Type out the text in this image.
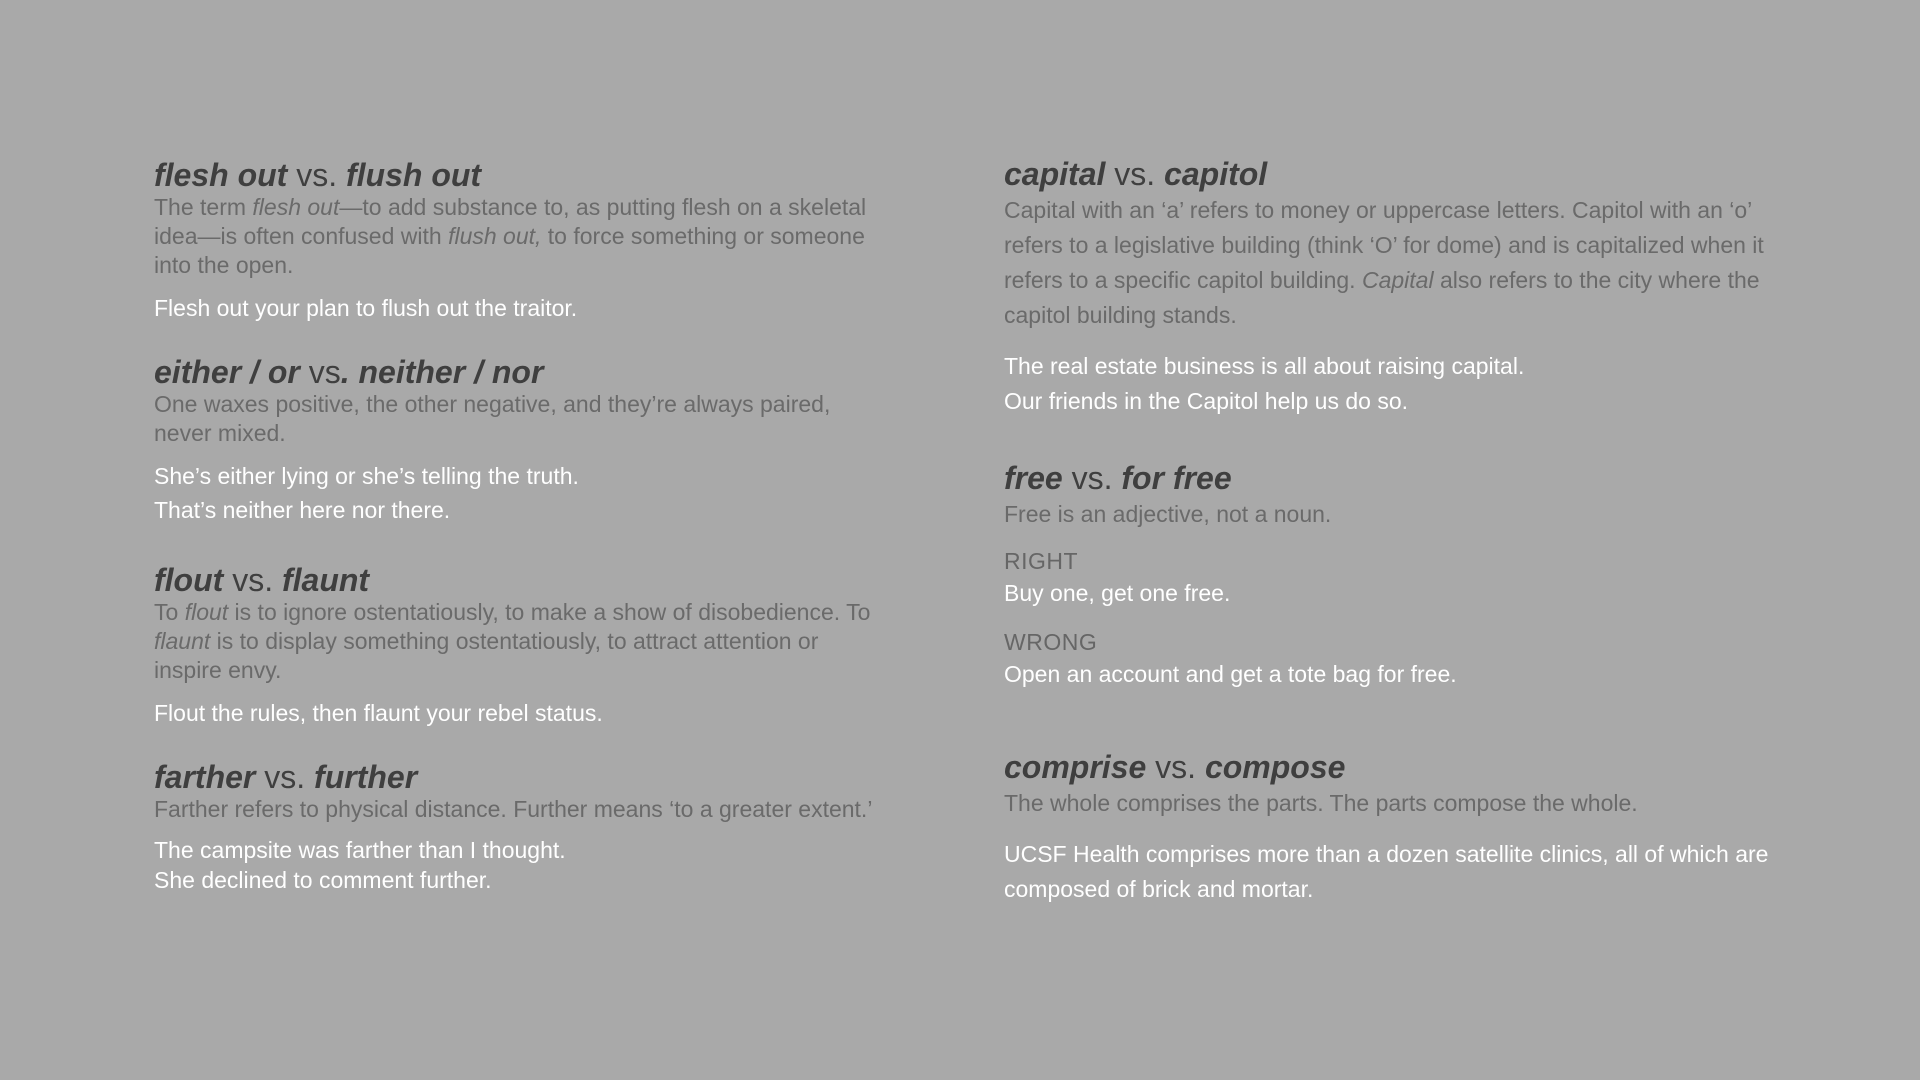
flesh out vs. flush out

The term flesh out—to add substance to, as putting flesh on a skeletal idea—is often confused with flush out, to force something or someone into the open.

Flesh out your plan to flush out the traitor.

either / or vs. neither / nor

One waxes positive, the other negative, and they’re always paired, never mixed.

She’s either lying or she’s telling the truth.

That’s neither here nor there.

flout vs. flaunt

To flout is to ignore ostentatiously, to make a show of disobedience. To flaunt is to display something ostentatiously, to attract attention or inspire envy.

Flout the rules, then flaunt your rebel status.

farther vs. further

Farther refers to physical distance. Further means ‘to a greater extent.’

The campsite was farther than I thought.

She declined to comment further.

capital vs. capitol

Capital with an ‘a’ refers to money or uppercase letters. Capitol with an ‘o’ refers to a legislative building (think ‘O’ for dome) and is capitalized when it refers to a specific capitol building. Capital also refers to the city where the capitol building stands.

The real estate business is all about raising capital.

Our friends in the Capitol help us do so.

free vs. for free

Free is an adjective, not a noun.

RIGHT

Buy one, get one free.

WRONG

Open an account and get a tote bag for free.

comprise vs. compose

The whole comprises the parts. The parts compose the whole.

UCSF Health comprises more than a dozen satellite clinics, all of which are composed of brick and mortar.
